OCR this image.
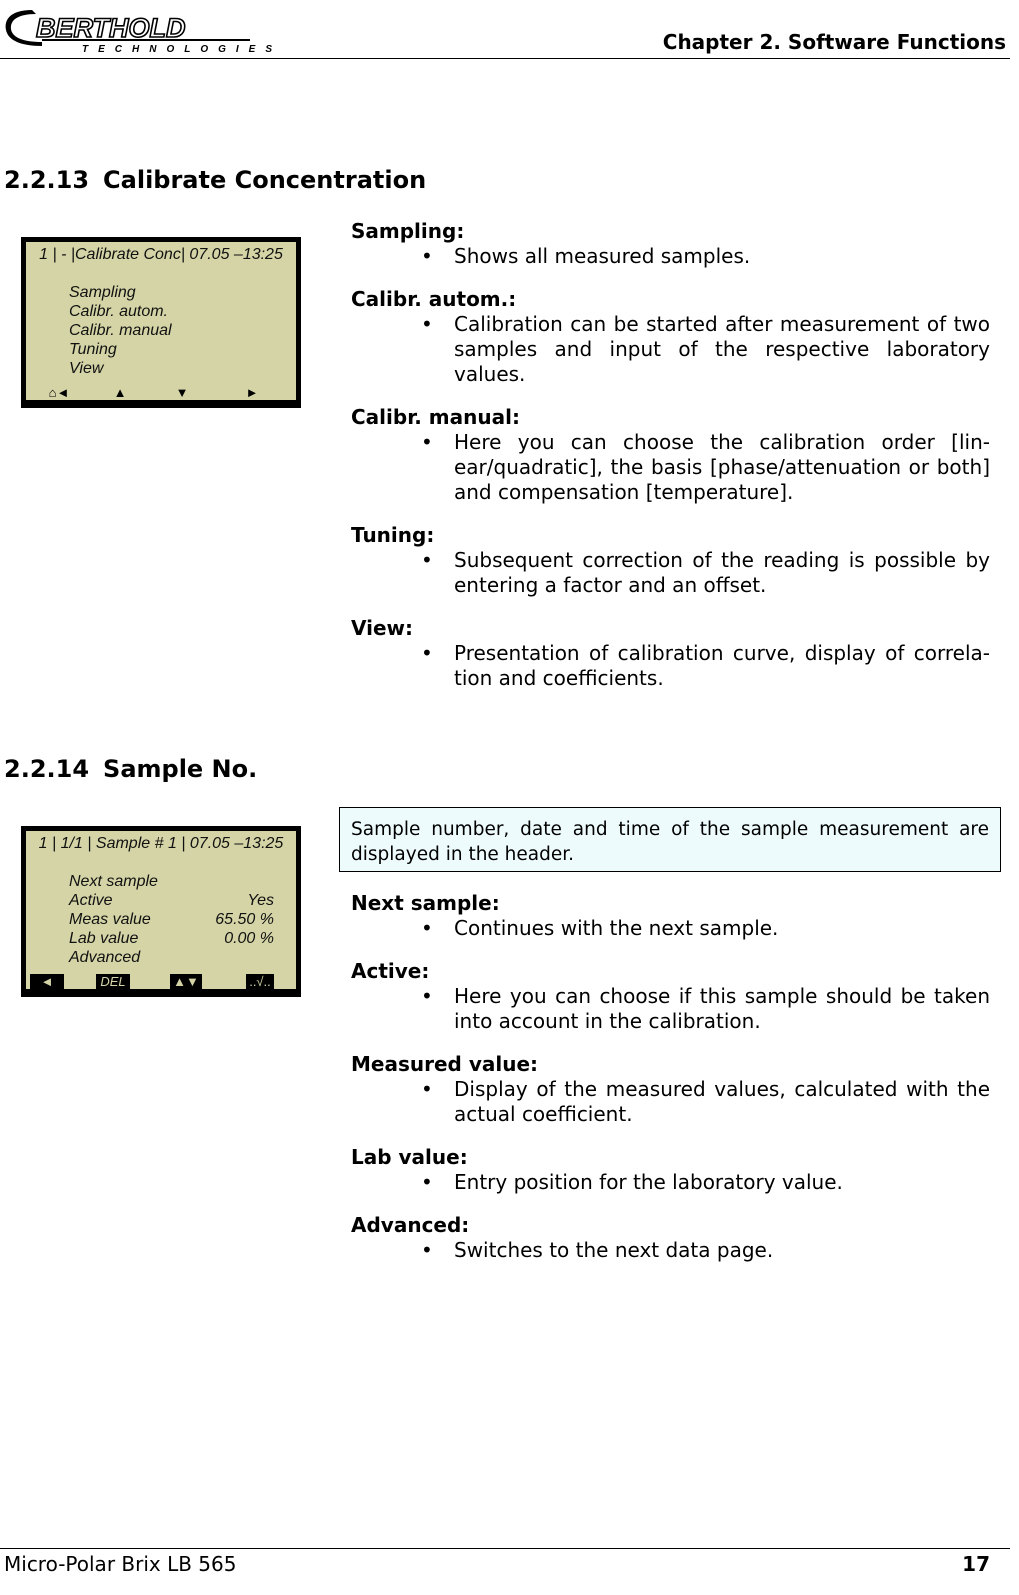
BERTHOLD
TECHNOLOGIES	Chapter 2. Software Functions
2.2.13 Calibrate Concentration
1 | - |Calibrate Conc| 07.05 –13:25
Sampling
Calibr. autom.
Calibr. manual
Tuning
View
⌂◄	▲	▼	►
Sampling:
• Shows all measured samples.
Calibr. autom.:
• Calibration can be started after measurement of two samples and input of the respective laboratory values.
Calibr. manual:
• Here you can choose the calibration order [lin-ear/quadratic], the basis [phase/attenuation or both] and compensation [temperature].
Tuning:
• Subsequent correction of the reading is possible by entering a factor and an offset.
View:
• Presentation of calibration curve, display of correla-tion and coefficients.
2.2.14 Sample No.
1 | 1/1 | Sample # 1 | 07.05 –13:25
Next sample
Active	Yes
Meas value	65.50 %
Lab value	0.00 %
Advanced
◄	DEL	▲▼	..√..
Sample number, date and time of the sample measurement are displayed in the header.
Next sample:
• Continues with the next sample.
Active:
• Here you can choose if this sample should be taken into account in the calibration.
Measured value:
• Display of the measured values, calculated with the actual coefficient.
Lab value:
• Entry position for the laboratory value.
Advanced:
• Switches to the next data page.
Micro-Polar Brix LB 565	17
